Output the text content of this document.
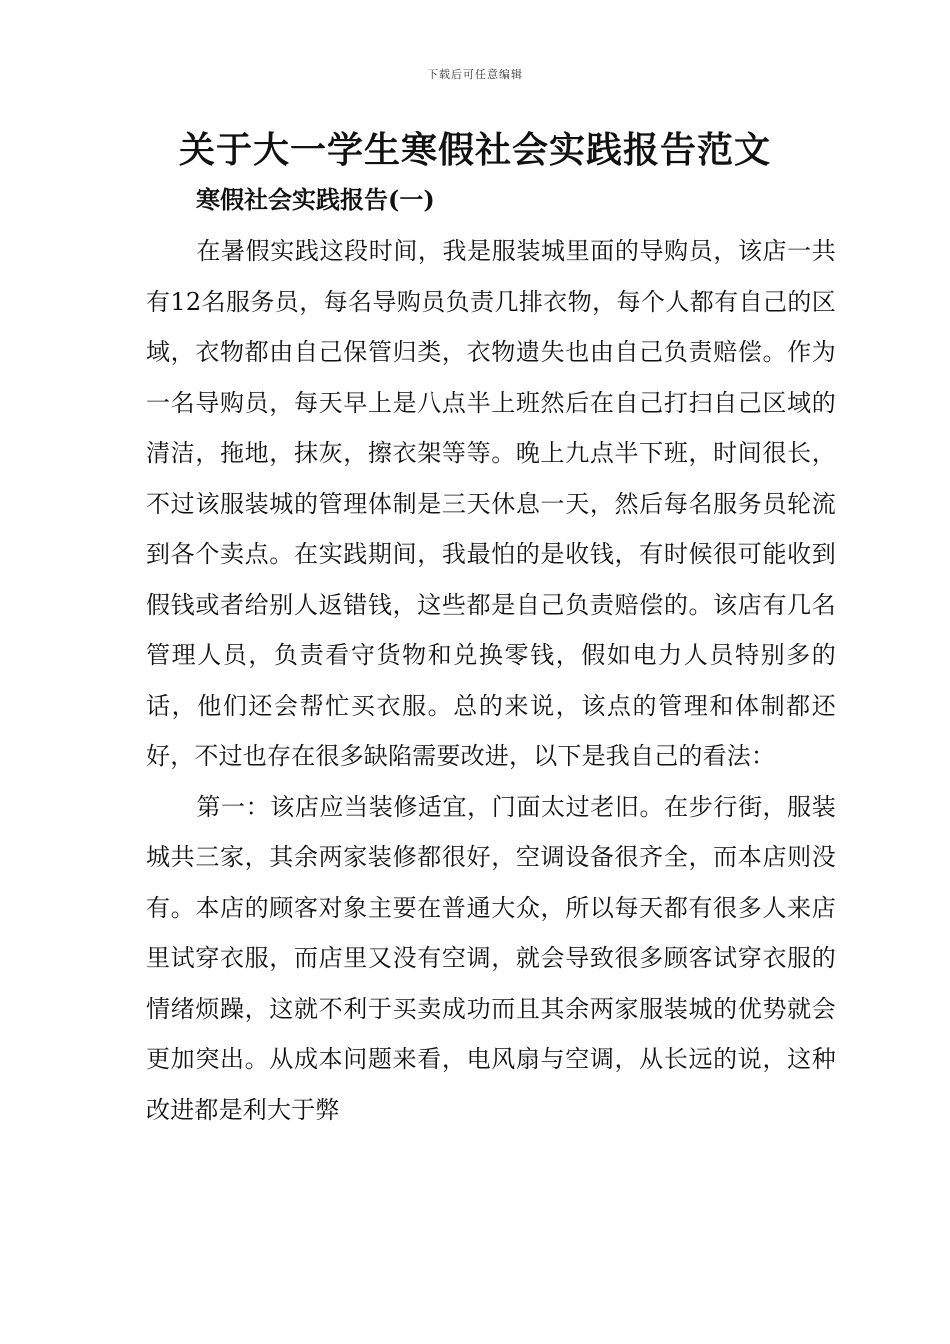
下载后可任意编辑
关于大一学生寒假社会实践报告范文
寒假社会实践报告(一)

在暑假实践这段时间，我是服装城里面的导购员，该店一共有12名服务员，每名导购员负责几排衣物，每个人都有自己的区域，衣物都由自己保管归类，衣物遗失也由自己负责赔偿。作为一名导购员，每天早上是八点半上班然后在自己打扫自己区域的清洁，拖地，抹灰，擦衣架等等。晚上九点半下班，时间很长，不过该服装城的管理体制是三天休息一天，然后每名服务员轮流到各个卖点。在实践期间，我最怕的是收钱，有时候很可能收到假钱或者给别人返错钱，这些都是自己负责赔偿的。该店有几名管理人员，负责看守货物和兑换零钱，假如电力人员特别多的话，他们还会帮忙买衣服。总的来说，该点的管理和体制都还好，不过也存在很多缺陷需要改进，以下是我自己的看法：

第一：该店应当装修适宜，门面太过老旧。在步行街，服装城共三家，其余两家装修都很好，空调设备很齐全，而本店则没有。本店的顾客对象主要在普通大众，所以每天都有很多人来店里试穿衣服，而店里又没有空调，就会导致很多顾客试穿衣服的情绪烦躁，这就不利于买卖成功而且其余两家服装城的优势就会更加突出。从成本问题来看，电风扇与空调，从长远的说，这种改进都是利大于弊
